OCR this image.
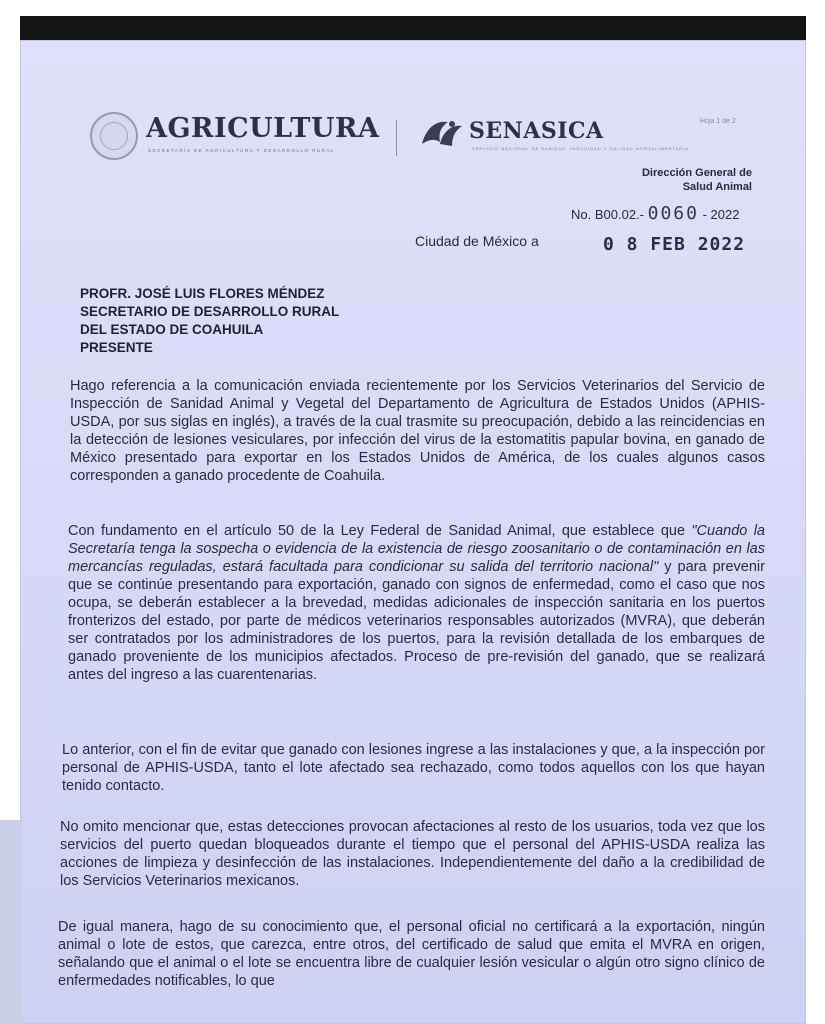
AGRICULTURA
SECRETARÍA DE AGRICULTURA Y DESARROLLO RURAL
SENASICA
SERVICIO NACIONAL DE SANIDAD, INOCUIDAD Y CALIDAD AGROALIMENTARIA
Hoja 1 de 2
Dirección General de
Salud Animal
No. B00.02.- 0060 - 2022
Ciudad de México a	0 8 FEB 2022
PROFR. JOSÉ LUIS FLORES MÉNDEZ
SECRETARIO DE DESARROLLO RURAL
DEL ESTADO DE COAHUILA
PRESENTE

Hago referencia a la comunicación enviada recientemente por los Servicios Veterinarios del Servicio de Inspección de Sanidad Animal y Vegetal del Departamento de Agricultura de Estados Unidos (APHIS-USDA, por sus siglas en inglés), a través de la cual trasmite su preocupación, debido a las reincidencias en la detección de lesiones vesiculares, por infección del virus de la estomatitis papular bovina, en ganado de México presentado para exportar en los Estados Unidos de América, de los cuales algunos casos corresponden a ganado procedente de Coahuila.

Con fundamento en el artículo 50 de la Ley Federal de Sanidad Animal, que establece que "Cuando la Secretaría tenga la sospecha o evidencia de la existencia de riesgo zoosanitario o de contaminación en las mercancías reguladas, estará facultada para condicionar su salida del territorio nacional" y para prevenir que se continúe presentando para exportación, ganado con signos de enfermedad, como el caso que nos ocupa, se deberán establecer a la brevedad, medidas adicionales de inspección sanitaria en los puertos fronterizos del estado, por parte de médicos veterinarios responsables autorizados (MVRA), que deberán ser contratados por los administradores de los puertos, para la revisión detallada de los embarques de ganado proveniente de los municipios afectados. Proceso de pre-revisión del ganado, que se realizará antes del ingreso a las cuarentenarias.

Lo anterior, con el fin de evitar que ganado con lesiones ingrese a las instalaciones y que, a la inspección por personal de APHIS-USDA, tanto el lote afectado sea rechazado, como todos aquellos con los que hayan tenido contacto.

No omito mencionar que, estas detecciones provocan afectaciones al resto de los usuarios, toda vez que los servicios del puerto quedan bloqueados durante el tiempo que el personal del APHIS-USDA realiza las acciones de limpieza y desinfección de las instalaciones. Independientemente del daño a la credibilidad de los Servicios Veterinarios mexicanos.

De igual manera, hago de su conocimiento que, el personal oficial no certificará a la exportación, ningún animal o lote de estos, que carezca, entre otros, del certificado de salud que emita el MVRA en origen, señalando que el animal o el lote se encuentra libre de cualquier lesión vesicular o algún otro signo clínico de enfermedades notificables, lo que
